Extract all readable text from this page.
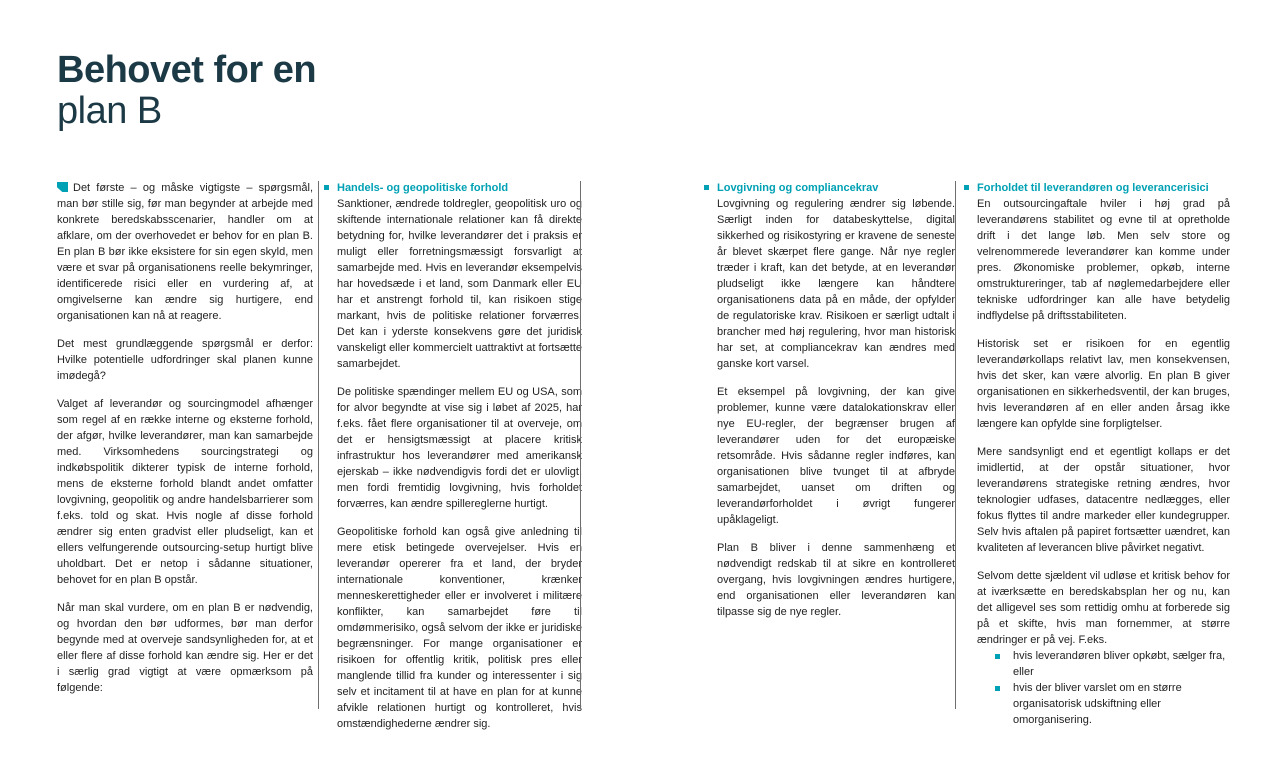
Behovet for en
plan B

Det første – og måske vigtigste – spørgsmål, man bør stille sig, før man begynder at arbejde med konkrete beredskabsscenarier, handler om at afklare, om der overhovedet er behov for en plan B. En plan B bør ikke eksistere for sin egen skyld, men være et svar på organisationens reelle bekymringer, identificerede risici eller en vurdering af, at omgivelserne kan ændre sig hurtigere, end organisationen kan nå at reagere.

Det mest grundlæggende spørgsmål er derfor: Hvilke potentielle udfordringer skal planen kunne imødegå?

Valget af leverandør og sourcingmodel afhænger som regel af en række interne og eksterne forhold, der afgør, hvilke leverandører, man kan samarbejde med. Virksomhedens sourcingstrategi og indkøbspolitik dikterer typisk de interne forhold, mens de eksterne forhold blandt andet omfatter lovgivning, geopolitik og andre handelsbarrierer som f.eks. told og skat. Hvis nogle af disse forhold ændrer sig enten gradvist eller pludseligt, kan et ellers velfungerende outsourcing-setup hurtigt blive uholdbart. Det er netop i sådanne situationer, behovet for en plan B opstår.

Når man skal vurdere, om en plan B er nødvendig, og hvordan den bør udformes, bør man derfor begynde med at overveje sandsynligheden for, at et eller flere af disse forhold kan ændre sig. Her er det i særlig grad vigtigt at være opmærksom på følgende:

Handels- og geopolitiske forhold

Sanktioner, ændrede toldregler, geopolitisk uro og skiftende internationale relationer kan få direkte betydning for, hvilke leverandører det i praksis er muligt eller forretningsmæssigt forsvarligt at samarbejde med. Hvis en leverandør eksempelvis har hovedsæde i et land, som Danmark eller EU har et anstrengt forhold til, kan risikoen stige markant, hvis de politiske relationer forværres. Det kan i yderste konsekvens gøre det juridisk vanskeligt eller kommercielt uattraktivt at fortsætte samarbejdet.

De politiske spændinger mellem EU og USA, som for alvor begyndte at vise sig i løbet af 2025, har f.eks. fået flere organisationer til at overveje, om det er hensigtsmæssigt at placere kritisk infrastruktur hos leverandører med amerikansk ejerskab – ikke nødvendigvis fordi det er ulovligt, men fordi fremtidig lovgivning, hvis forholdet forværres, kan ændre spillereglerne hurtigt.

Geopolitiske forhold kan også give anledning til mere etisk betingede overvejelser. Hvis en leverandør opererer fra et land, der bryder internationale konventioner, krænker menneskerettigheder eller er involveret i militære konflikter, kan samarbejdet føre til omdømmerisiko, også selvom der ikke er juridiske begrænsninger. For mange organisationer er risikoen for offentlig kritik, politisk pres eller manglende tillid fra kunder og interessenter i sig selv et incitament til at have en plan for at kunne afvikle relationen hurtigt og kontrolleret, hvis omstændighederne ændrer sig.

Lovgivning og compliancekrav

Lovgivning og regulering ændrer sig løbende. Særligt inden for databeskyttelse, digital sikkerhed og risikostyring er kravene de seneste år blevet skærpet flere gange. Når nye regler træder i kraft, kan det betyde, at en leverandør pludseligt ikke længere kan håndtere organisationens data på en måde, der opfylder de regulatoriske krav. Risikoen er særligt udtalt i brancher med høj regulering, hvor man historisk har set, at compliancekrav kan ændres med ganske kort varsel.

Et eksempel på lovgivning, der kan give problemer, kunne være datalokationskrav eller nye EU-regler, der begrænser brugen af leverandører uden for det europæiske retsområde. Hvis sådanne regler indføres, kan organisationen blive tvunget til at afbryde samarbejdet, uanset om driften og leverandørforholdet i øvrigt fungerer upåklageligt.

Plan B bliver i denne sammenhæng et nødvendigt redskab til at sikre en kontrolleret overgang, hvis lovgivningen ændres hurtigere, end organisationen eller leverandøren kan tilpasse sig de nye regler.

Forholdet til leverandøren og leverancerisici

En outsourcingaftale hviler i høj grad på leverandørens stabilitet og evne til at opretholde drift i det lange løb. Men selv store og velrenommerede leverandører kan komme under pres. Økonomiske problemer, opkøb, interne omstruktureringer, tab af nøglemedarbejdere eller tekniske udfordringer kan alle have betydelig indflydelse på driftsstabiliteten.

Historisk set er risikoen for en egentlig leverandørkollaps relativt lav, men konsekvensen, hvis det sker, kan være alvorlig. En plan B giver organisationen en sikkerhedsventil, der kan bruges, hvis leverandøren af en eller anden årsag ikke længere kan opfylde sine forpligtelser.

Mere sandsynligt end et egentligt kollaps er det imidlertid, at der opstår situationer, hvor leverandørens strategiske retning ændres, hvor teknologier udfases, datacentre nedlægges, eller fokus flyttes til andre markeder eller kundegrupper. Selv hvis aftalen på papiret fortsætter uændret, kan kvaliteten af leverancen blive påvirket negativt.

Selvom dette sjældent vil udløse et kritisk behov for at iværksætte en beredskabsplan her og nu, kan det alligevel ses som rettidig omhu at forberede sig på et skifte, hvis man fornemmer, at større ændringer er på vej. F.eks.

hvis leverandøren bliver opkøbt, sælger fra, eller
hvis der bliver varslet om en større organisatorisk udskiftning eller omorganisering.
